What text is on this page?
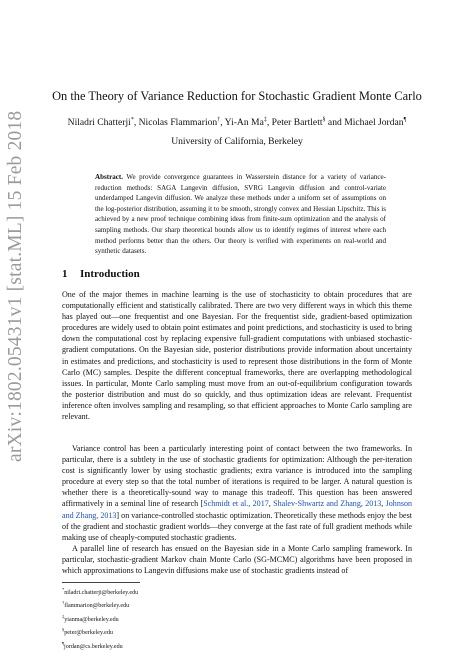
arXiv:1802.05431v1 [stat.ML] 15 Feb 2018
On the Theory of Variance Reduction for Stochastic Gradient Monte Carlo
Niladri Chatterji*, Nicolas Flammarion†, Yi-An Ma‡, Peter Bartlett§ and Michael Jordan¶
University of California, Berkeley
Abstract. We provide convergence guarantees in Wasserstein distance for a variety of variance-reduction methods: SAGA Langevin diffusion, SVRG Langevin diffusion and control-variate underdamped Langevin diffusion. We analyze these methods under a uniform set of assumptions on the log-posterior distribution, assuming it to be smooth, strongly convex and Hessian Lipschitz. This is achieved by a new proof technique combining ideas from finite-sum optimization and the analysis of sampling methods. Our sharp theoretical bounds allow us to identify regimes of interest where each method performs better than the others. Our theory is verified with experiments on real-world and synthetic datasets.
1 Introduction
One of the major themes in machine learning is the use of stochasticity to obtain procedures that are computationally efficient and statistically calibrated. There are two very different ways in which this theme has played out—one frequentist and one Bayesian. For the frequentist side, gradient-based optimization procedures are widely used to obtain point estimates and point predictions, and stochasticity is used to bring down the computational cost by replacing expensive full-gradient computations with unbiased stochastic-gradient computations. On the Bayesian side, posterior distributions provide information about uncertainty in estimates and predictions, and stochasticity is used to represent those distributions in the form of Monte Carlo (MC) samples. Despite the different conceptual frameworks, there are overlapping methodological issues. In particular, Monte Carlo sampling must move from an out-of-equilibrium configuration towards the posterior distribution and must do so quickly, and thus optimization ideas are relevant. Frequentist inference often involves sampling and resampling, so that efficient approaches to Monte Carlo sampling are relevant.
Variance control has been a particularly interesting point of contact between the two frameworks. In particular, there is a subtlety in the use of stochastic gradients for optimization: Although the per-iteration cost is significantly lower by using stochastic gradients; extra variance is introduced into the sampling procedure at every step so that the total number of iterations is required to be larger. A natural question is whether there is a theoretically-sound way to manage this tradeoff. This question has been answered affirmatively in a seminal line of research [Schmidt et al., 2017, Shalev-Shwartz and Zhang, 2013, Johnson and Zhang, 2013] on variance-controlled stochastic optimization. Theoretically these methods enjoy the best of the gradient and stochastic gradient worlds—they converge at the fast rate of full gradient methods while making use of cheaply-computed stochastic gradients.
A parallel line of research has ensued on the Bayesian side in a Monte Carlo sampling framework. In particular, stochastic-gradient Markov chain Monte Carlo (SG-MCMC) algorithms have been proposed in which approximations to Langevin diffusions make use of stochastic gradients instead of
*niladri.chatterji@berkeley.edu
†flammarion@berkeley.edu
‡yianma@berkeley.edu
§peter@berkeley.edu
¶jordan@cs.berkeley.edu
